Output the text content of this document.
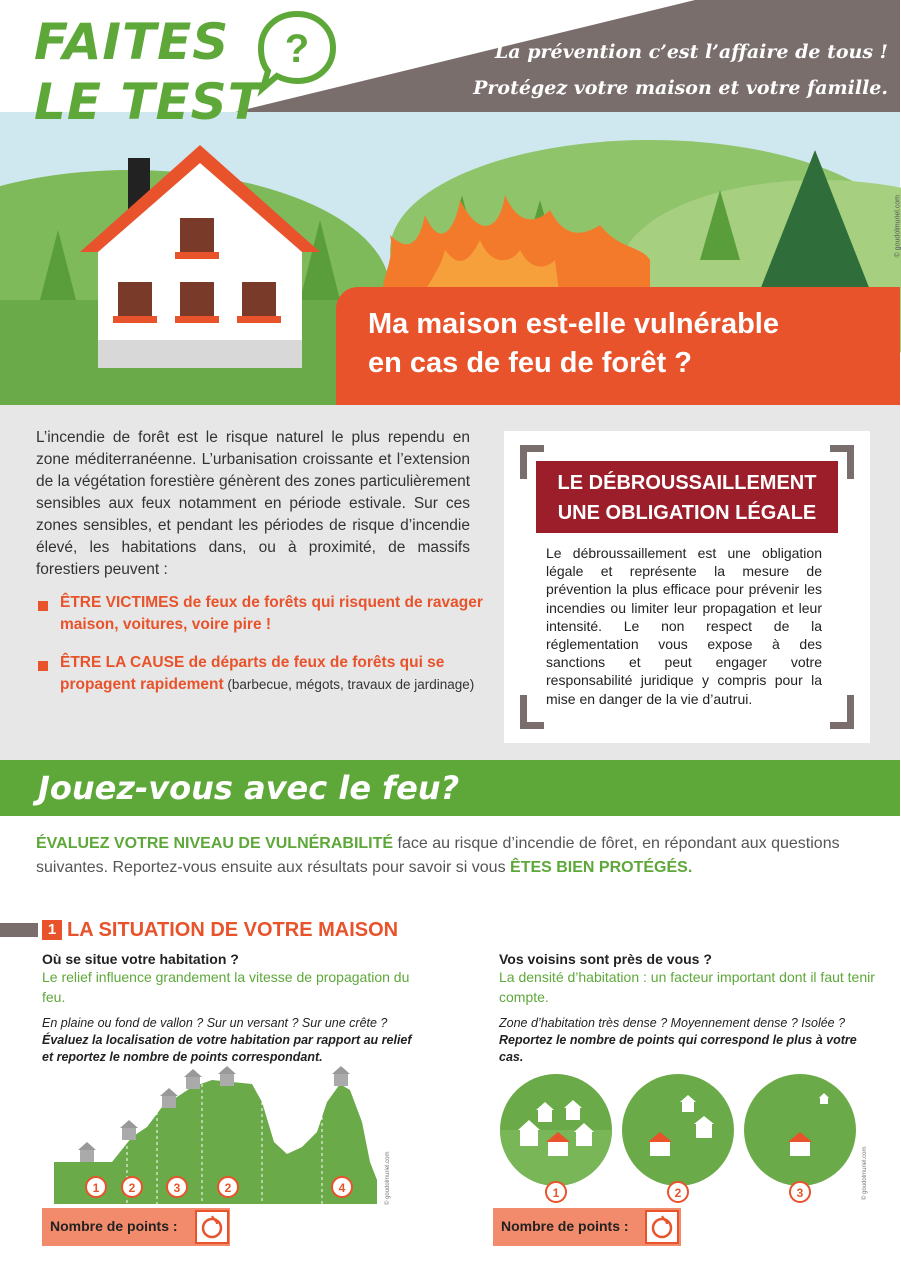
FAITES
LE TEST
?	La prévention c’est l’affaire de tous !
Protégez votre maison et votre famille.
© goudolmuriel.com
Ma maison est-elle vulnérable
en cas de feu de forêt ?

L’incendie de forêt est le risque naturel le plus rependu en zone méditerranéenne. L’urbanisation croissante et l’extension de la végétation forestière génèrent des zones particulièrement sensibles aux feux notamment en période estivale. Sur ces zones sensibles, et pendant les périodes de risque d’incendie élevé, les habitations dans, ou à proximité, de massifs forestiers peuvent :

ÊTRE VICTIMES de feux de forêts qui risquent de ravager maison, voitures, voire pire !

ÊTRE LA CAUSE de départs de feux de forêts qui se propagent rapidement (barbecue, mégots, travaux de jardinage)

LE DÉBROUSSAILLEMENT
UNE OBLIGATION LÉGALE

Le débroussaillement est une obligation légale et représente la mesure de prévention la plus efficace pour prévenir les incendies ou limiter leur propagation et leur intensité. Le non respect de la réglementation vous expose à des sanctions et peut engager votre responsabilité juridique y compris pour la mise en danger de la vie d’autrui.

Jouez-vous avec le feu?

ÉVALUEZ VOTRE NIVEAU DE VULNÉRABILITÉ face au risque d’incendie de fôret, en répondant aux questions suivantes. Reportez-vous ensuite aux résultats pour savoir si vous ÊTES BIEN PROTÉGÉS.

1 LA SITUATION DE VOTRE MAISON
Où se situe votre habitation ?
Le relief influence grandement la vitesse de propagation du feu.
En plaine ou fond de vallon ? Sur un versant ? Sur une crête ?
Évaluez la localisation de votre habitation par rapport au relief et reportez le nombre de points correspondant.
Vos voisins sont près de vous ?
La densité d’habitation : un facteur important dont il faut tenir compte.
Zone d’habitation très dense ? Moyennement dense ? Isolée ?
Reportez le nombre de points qui correspond le plus à votre cas.
1 2	3	2	4	© goudolmuriel.com	1	2	3	© goudolmuriel.com
Nombre de points :	Nombre de points :
